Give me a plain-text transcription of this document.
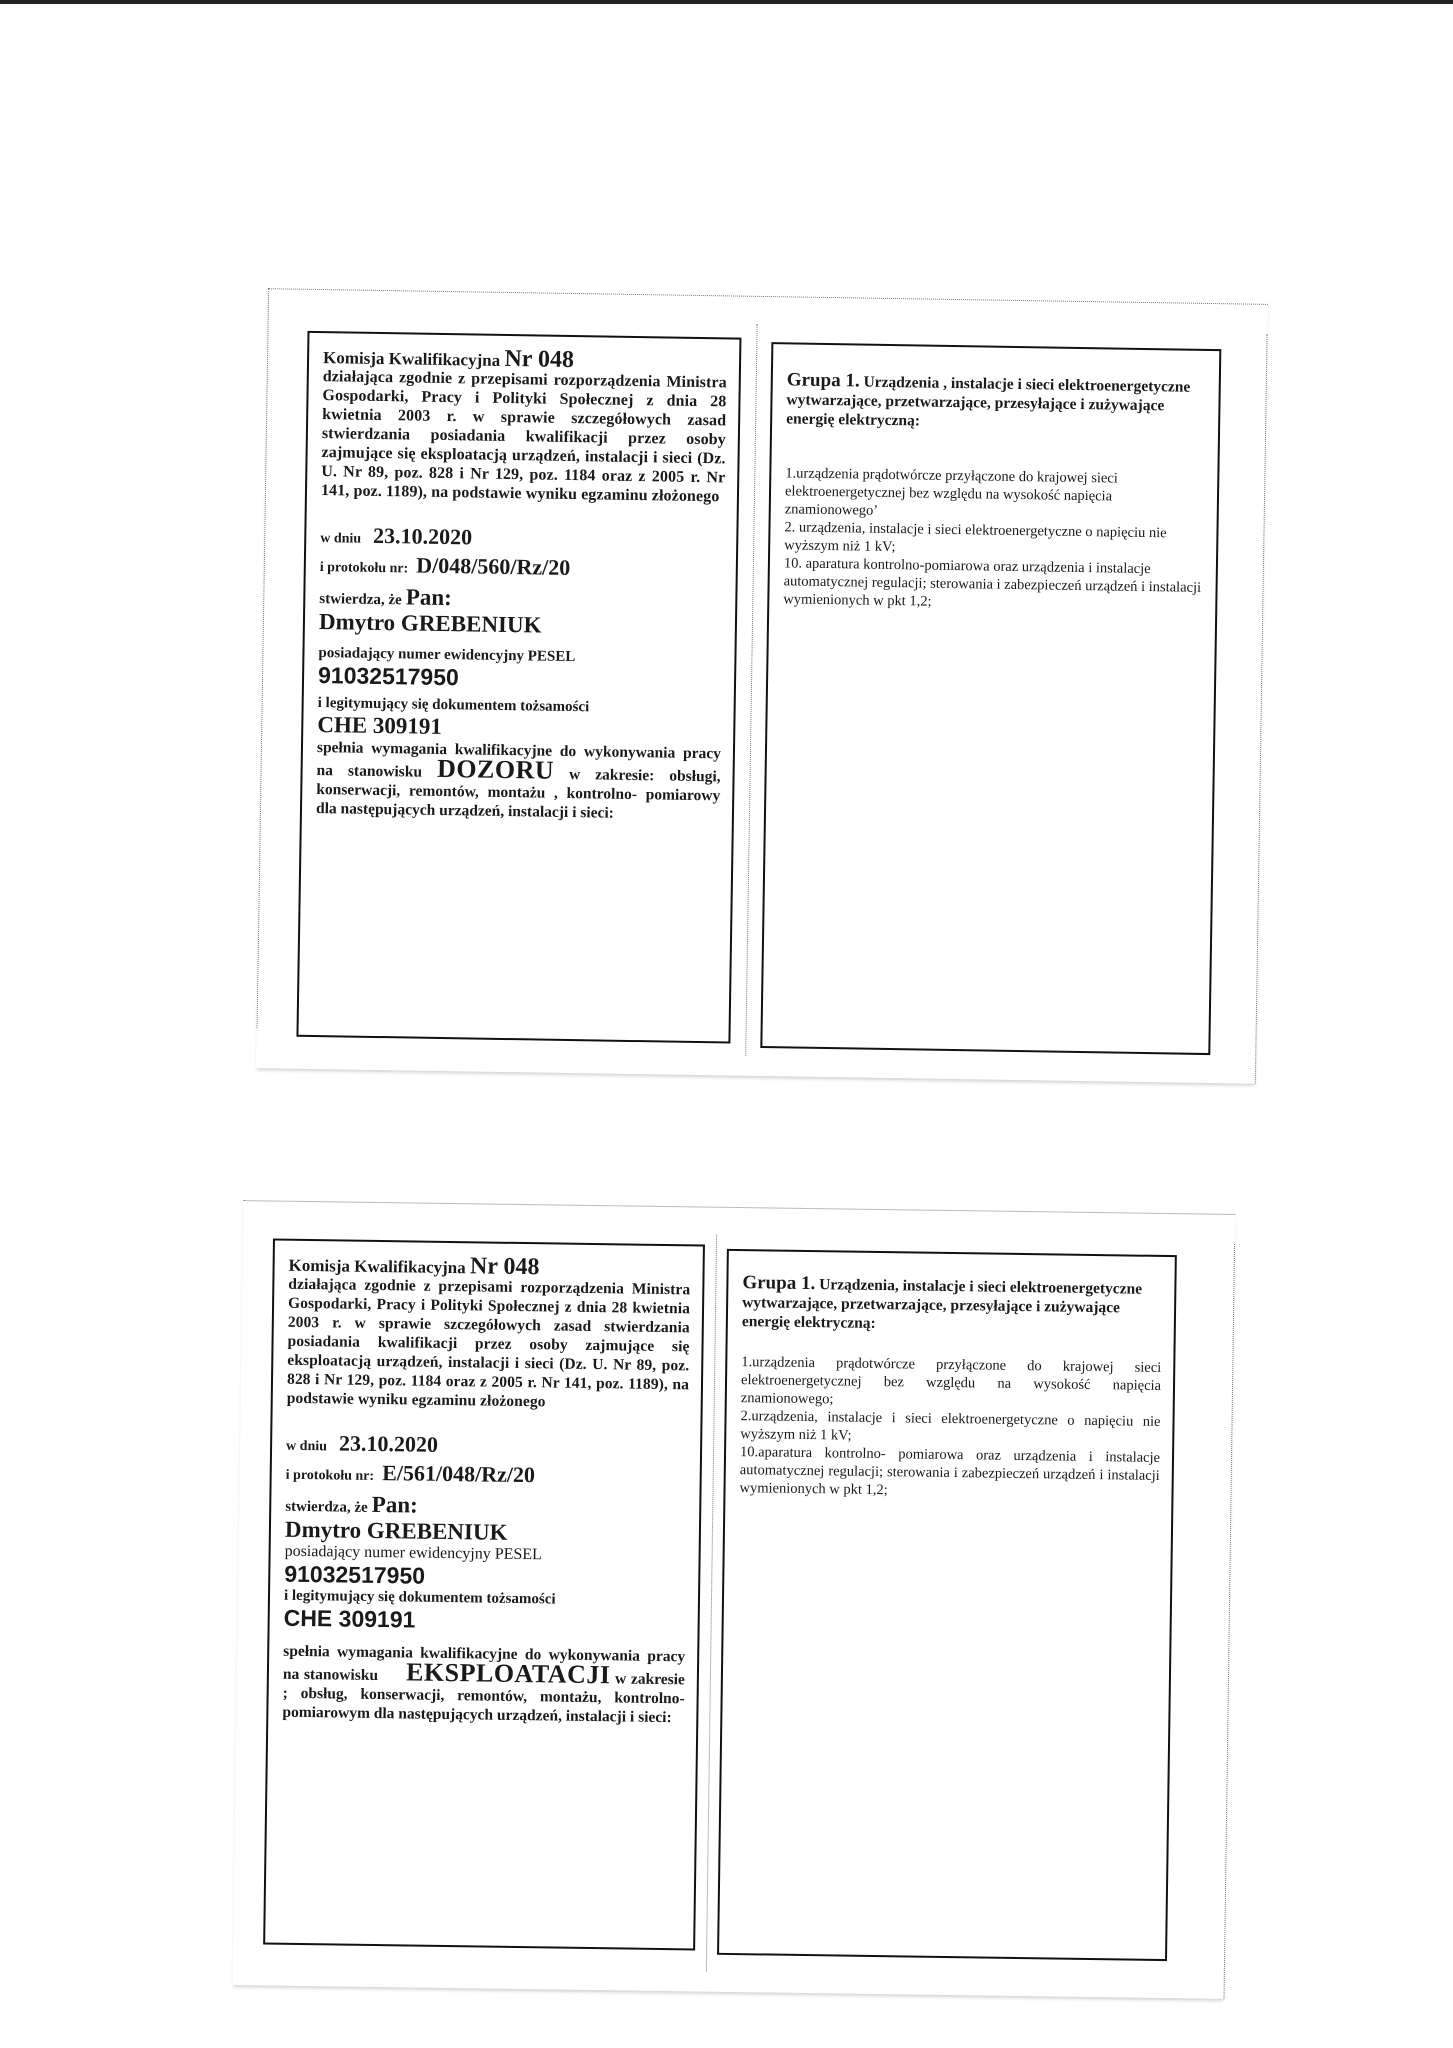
Komisja Kwalifikacyjna Nr 048

działająca zgodnie z przepisami rozporządzenia Ministra Gospodarki, Pracy i Polityki Społecznej z dnia 28 kwietnia 2003 r. w sprawie szczegółowych zasad stwierdzania posiadania kwalifikacji przez osoby zajmujące się eksploatacją urządzeń, instalacji i sieci (Dz. U. Nr 89, poz. 828 i Nr 129, poz. 1184 oraz z 2005 r. Nr 141, poz. 1189), na podstawie wyniku egzaminu złożonego

w dniu 23.10.2020

i protokołu nr: D/048/560/Rz/20

stwierdza, że Pan:

Dmytro GREBENIUK

posiadający numer ewidencyjny PESEL

91032517950

i legitymujący się dokumentem tożsamości

CHE 309191

spełnia wymagania kwalifikacyjne do wykonywania pracy na stanowisku DOZORU w zakresie: obsługi, konserwacji, remontów, montażu , kontrolno- pomiarowy dla następujących urządzeń, instalacji i sieci:

Grupa 1. Urządzenia , instalacje i sieci elektroenergetyczne wytwarzające, przetwarzające, przesyłające i zużywające energię elektryczną:

1.urządzenia prądotwórcze przyłączone do krajowej sieci elektroenergetycznej bez względu na wysokość napięcia znamionowego’

2. urządzenia, instalacje i sieci elektroenergetyczne o napięciu nie wyższym niż 1 kV;

10. aparatura kontrolno-pomiarowa oraz urządzenia i instalacje automatycznej regulacji; sterowania i zabezpieczeń urządzeń i instalacji wymienionych w pkt 1,2;

Komisja Kwalifikacyjna Nr 048

działająca zgodnie z przepisami rozporządzenia Ministra Gospodarki, Pracy i Polityki Społecznej z dnia 28 kwietnia 2003 r. w sprawie szczegółowych zasad stwierdzania posiadania kwalifikacji przez osoby zajmujące się eksploatacją urządzeń, instalacji i sieci (Dz. U. Nr 89, poz. 828 i Nr 129, poz. 1184 oraz z 2005 r. Nr 141, poz. 1189), na podstawie wyniku egzaminu złożonego

w dniu 23.10.2020

i protokołu nr: E/561/048/Rz/20

stwierdza, że Pan:

Dmytro GREBENIUK

posiadający numer ewidencyjny PESEL

91032517950

i legitymujący się dokumentem tożsamości

CHE 309191

spełnia wymagania kwalifikacyjne do wykonywania pracy na stanowisku EKSPLOATACJI w zakresie ; obsług, konserwacji, remontów, montażu, kontrolno- pomiarowym dla następujących urządzeń, instalacji i sieci:

Grupa 1. Urządzenia, instalacje i sieci elektroenergetyczne wytwarzające, przetwarzające, przesyłające i zużywające energię elektryczną:

1.urządzenia prądotwórcze przyłączone do krajowej sieci elektroenergetycznej bez względu na wysokość napięcia znamionowego;

2.urządzenia, instalacje i sieci elektroenergetyczne o napięciu nie wyższym niż 1 kV;

10.aparatura kontrolno- pomiarowa oraz urządzenia i instalacje automatycznej regulacji; sterowania i zabezpieczeń urządzeń i instalacji wymienionych w pkt 1,2;
